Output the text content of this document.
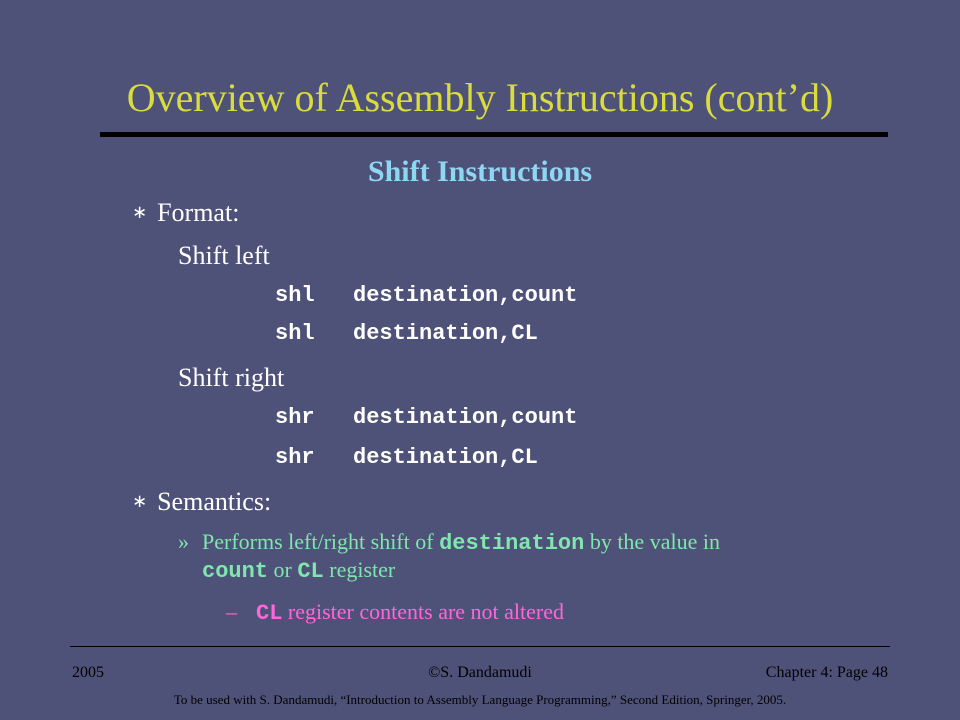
Overview of Assembly Instructions (cont’d)
Shift Instructions
∗ Format:
Shift left
shl destination,count
shl destination,CL
Shift right
shr destination,count
shr destination,CL
∗ Semantics:
» Performs left/right shift of destination by the value in
count or CL register
– CL register contents are not altered
2005	©S. Dandamudi	Chapter 4: Page 48
To be used with S. Dandamudi, “Introduction to Assembly Language Programming,” Second Edition, Springer, 2005.
